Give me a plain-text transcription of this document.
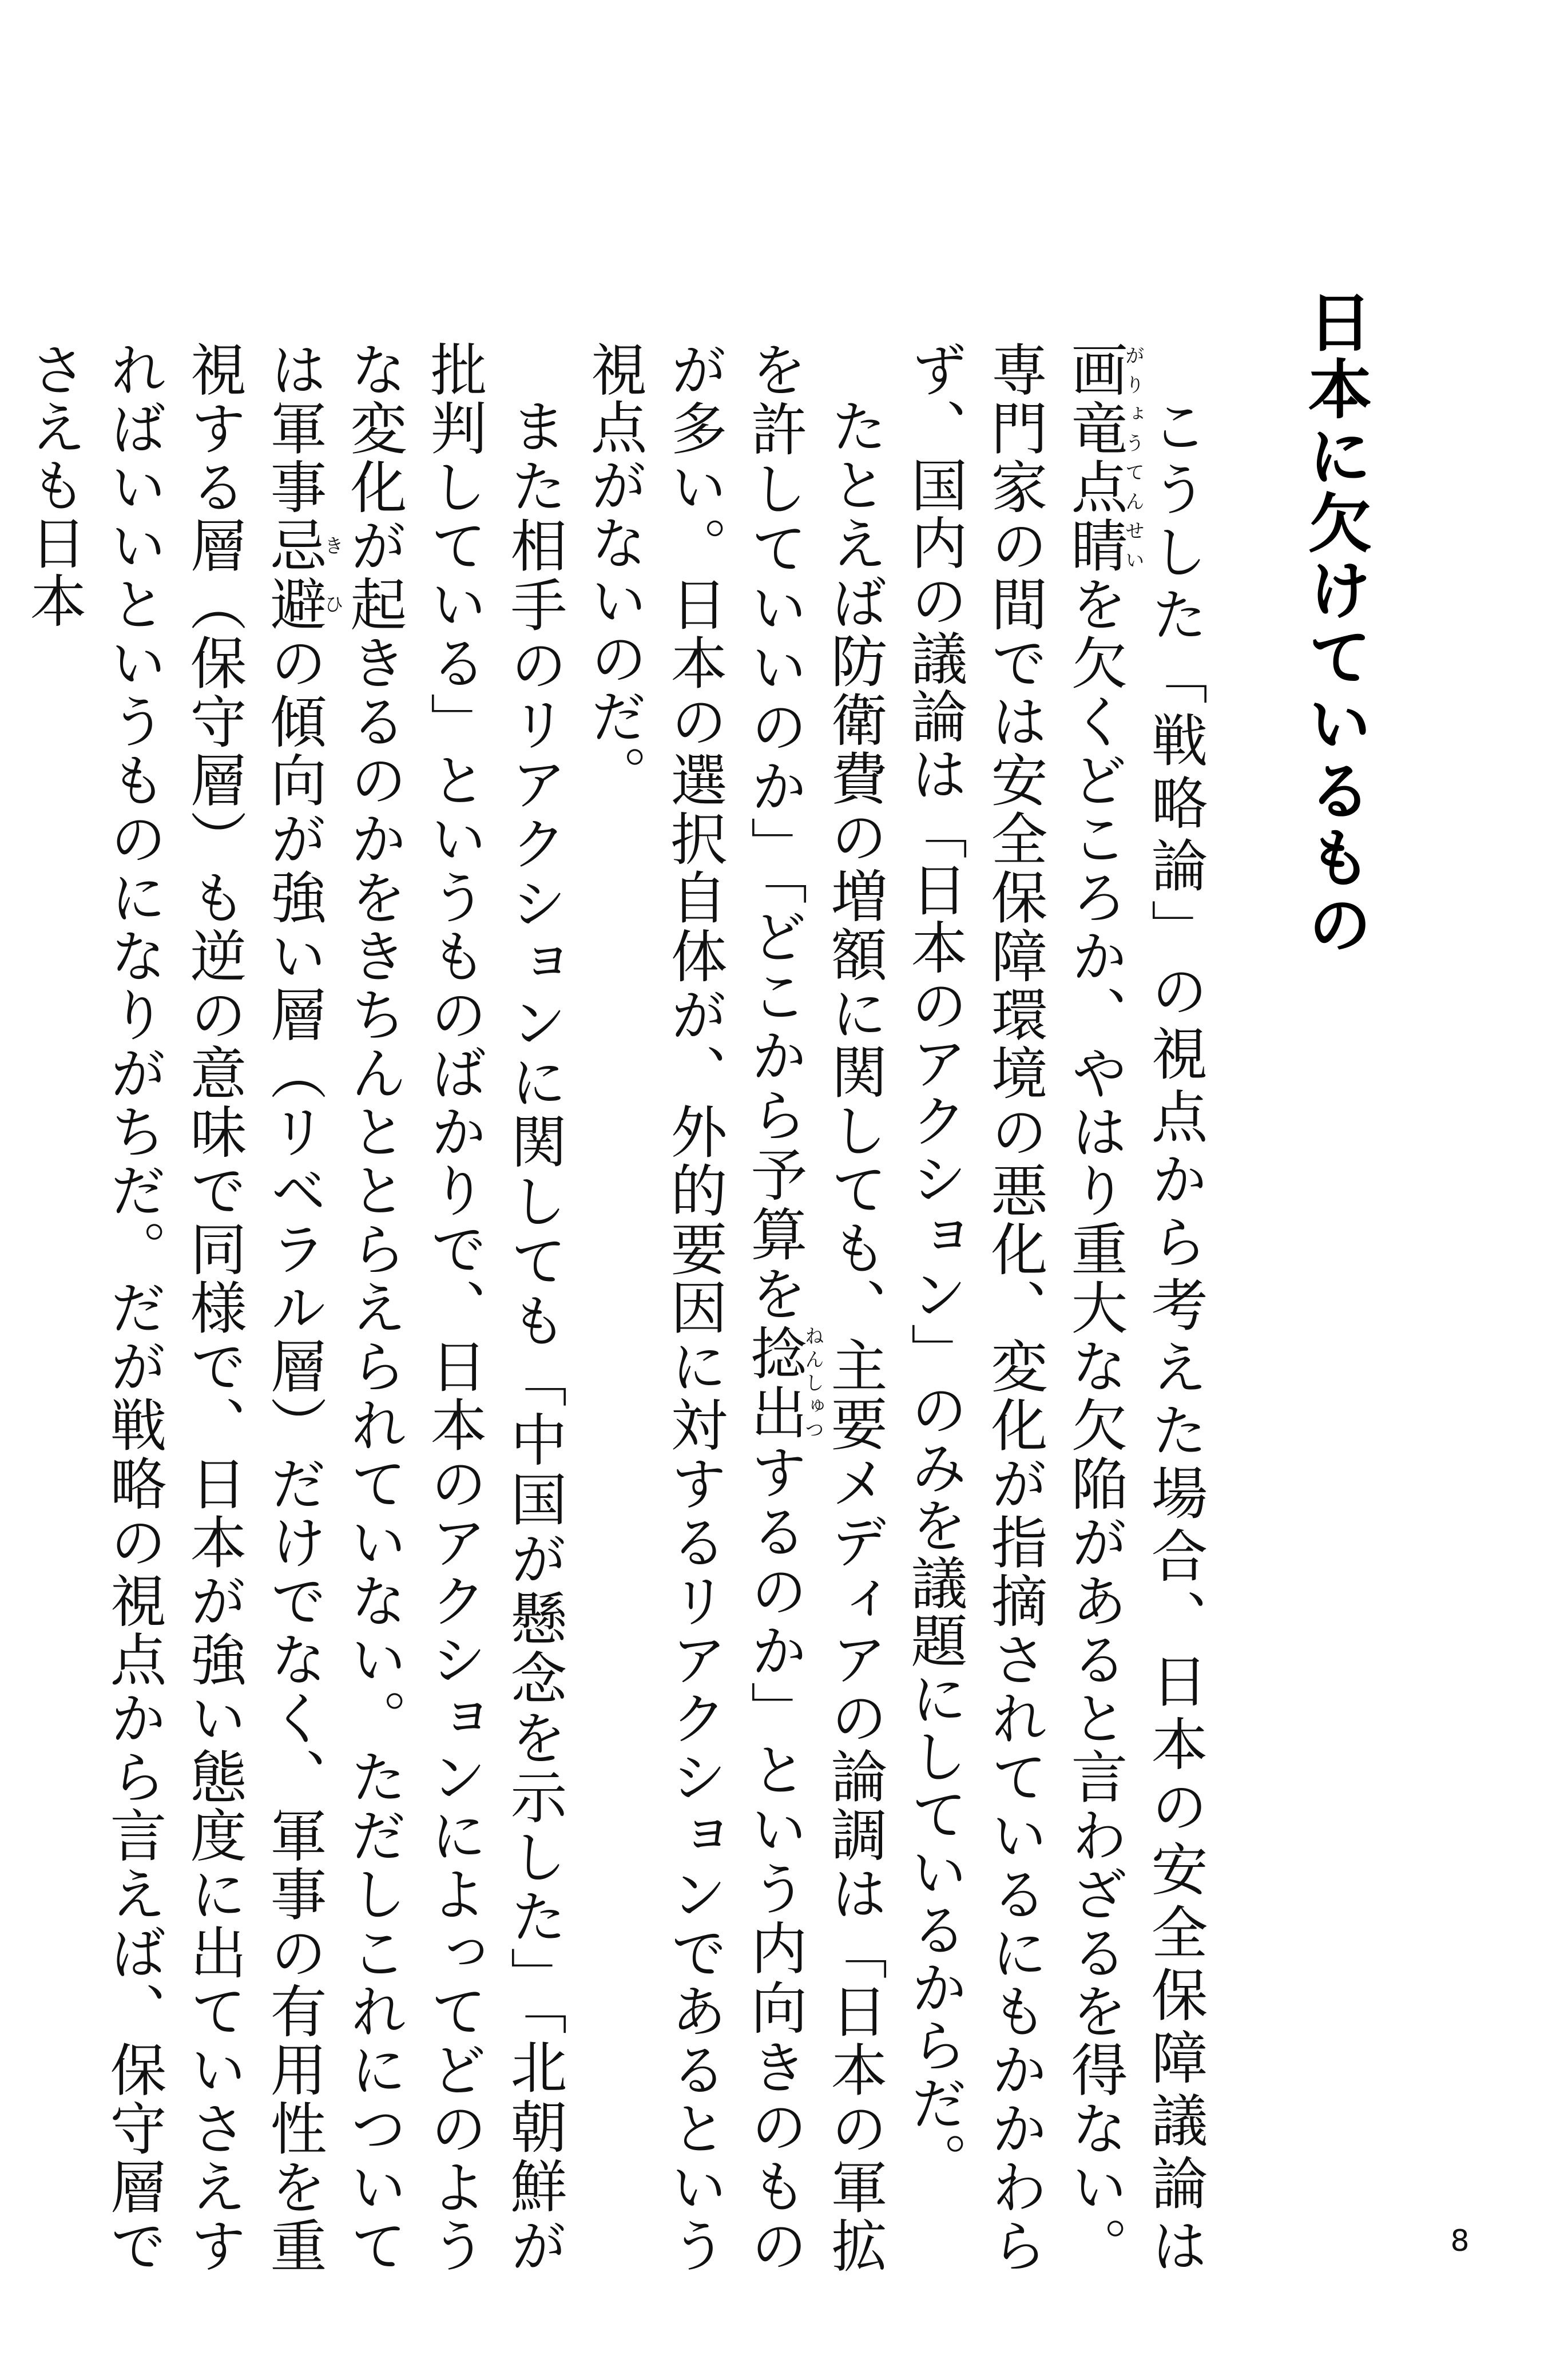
日本に欠けているもの

こうした「戦略論」の視点から考えた場合、日本の安全保障議論は画竜点睛がりょうてんせいを欠くどころか、やはり重大な欠陥があると言わざるを得ない。専門家の間では安全保障環境の悪化、変化が指摘されているにもかかわらず、国内の議論は「日本のアクション」のみを議題にしているからだ。

たとえば防衛費の増額に関しても、主要メディアの論調は「日本の軍拡を許していいのか」「どこから予算を捻出ねんしゅつするのか」という内向きのものが多い。日本の選択自体が、外的要因に対するリアクションであるという視点がないのだ。

また相手のリアクションに関しても「中国が懸念を示した」「北朝鮮が批判している」というものばかりで、日本のアクションによってどのような変化が起きるのかをきちんととらえられていない。ただしこれについては軍事忌避きひの傾向が強い層（リベラル層）だけでなく、軍事の有用性を重視する層（保守層）も逆の意味で同様で、日本が強い態度に出ていさえすればいいというものになりがちだ。だが戦略の視点から言えば、保守層でさえも日本

8
